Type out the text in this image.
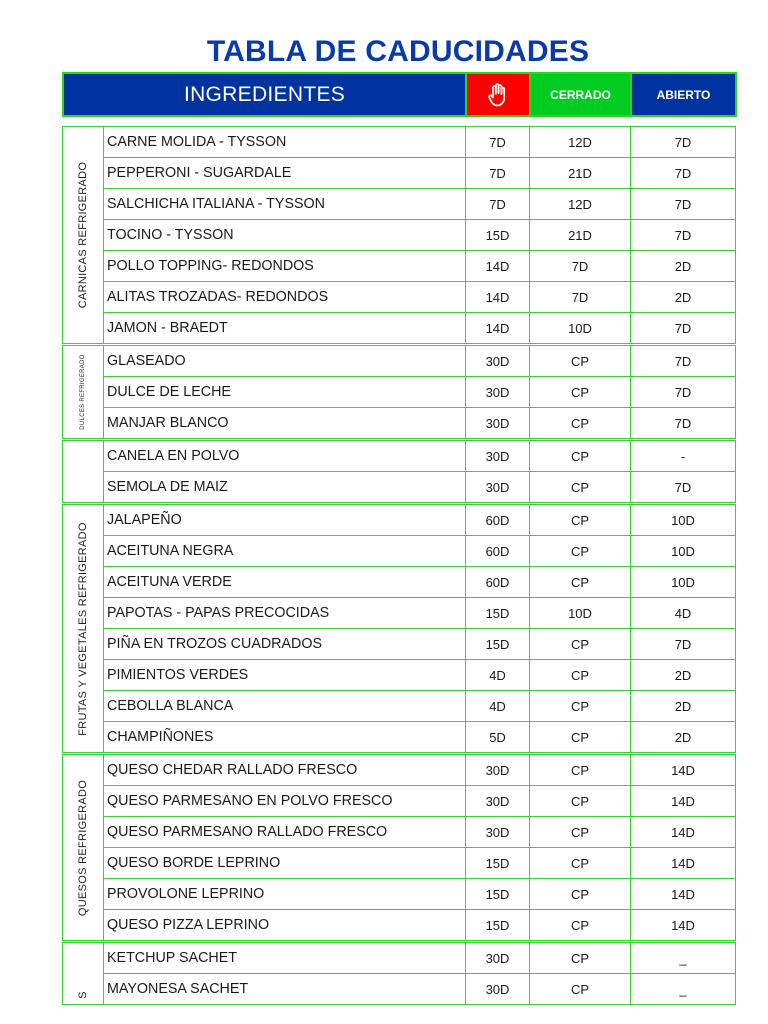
TABLA DE CADUCIDADES
INGREDIENTES		CERRADO	ABIERTO
CARNICAS REFRIGERADO	CARNE MOLIDA - TYSSON	7D	12D	7D
	PEPPERONI - SUGARDALE	7D	21D	7D
	SALCHICHA ITALIANA - TYSSON	7D	12D	7D
	TOCINO - TYSSON	15D	21D	7D
	POLLO TOPPING- REDONDOS	14D	7D	2D
	ALITAS TROZADAS- REDONDOS	14D	7D	2D
	JAMON - BRAEDT	14D	10D	7D

DULCES REFRIGERADO	GLASEADO	30D	CP	7D
	DULCE DE LECHE	30D	CP	7D
	MANJAR BLANCO	30D	CP	7D
	CANELA EN POLVO	30D	CP	-
	SEMOLA DE MAIZ	30D	CP	7D

FRUTAS Y VEGETALES REFRIGERADO	JALAPEÑO	60D	CP	10D
	ACEITUNA NEGRA	60D	CP	10D
	ACEITUNA VERDE	60D	CP	10D
	PAPOTAS - PAPAS PRECOCIDAS	15D	10D	4D
	PIÑA EN TROZOS CUADRADOS	15D	CP	7D
	PIMIENTOS VERDES	4D	CP	2D
	CEBOLLA BLANCA	4D	CP	2D
	CHAMPIÑONES	5D	CP	2D

QUESOS REFRIGERADO	QUESO CHEDAR RALLADO FRESCO	30D	CP	14D
	QUESO PARMESANO EN POLVO FRESCO	30D	CP	14D
	QUESO PARMESANO RALLADO FRESCO	30D	CP	14D
	QUESO BORDE LEPRINO	15D	CP	14D
	PROVOLONE LEPRINO	15D	CP	14D
	QUESO PIZZA LEPRINO	15D	CP	14D

S	KETCHUP SACHET	30D	CP	_
	MAYONESA SACHET	30D	CP	_
